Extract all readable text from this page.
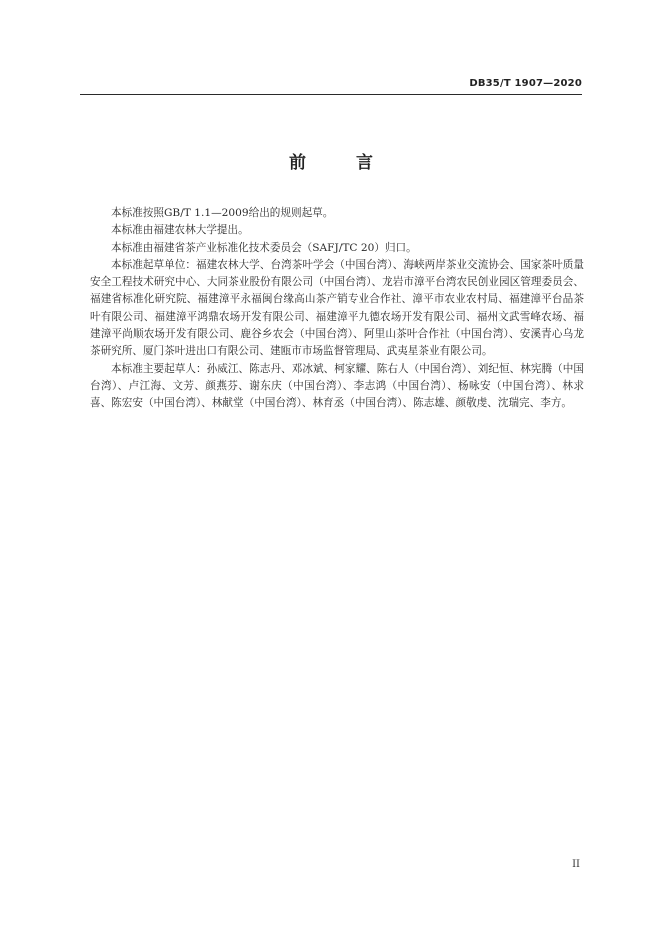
DB35/T 1907—2020
前 言

本标准按照GB/T 1.1—2009给出的规则起草。

本标准由福建农林大学提出。

本标准由福建省茶产业标准化技术委员会（SAFJ/TC 20）归口。

本标准起草单位：福建农林大学、台湾茶叶学会（中国台湾）、海峡两岸茶业交流协会、国家茶叶质量安全工程技术研究中心、大同茶业股份有限公司（中国台湾）、龙岩市漳平台湾农民创业园区管理委员会、福建省标准化研究院、福建漳平永福闽台缘高山茶产销专业合作社、漳平市农业农村局、福建漳平台品茶叶有限公司、福建漳平鸿鼎农场开发有限公司、福建漳平九德农场开发有限公司、福州文武雪峰农场、福建漳平尚顺农场开发有限公司、鹿谷乡农会（中国台湾）、阿里山茶叶合作社（中国台湾）、安溪青心乌龙茶研究所、厦门茶叶进出口有限公司、建瓯市市场监督管理局、武夷星茶业有限公司。

本标准主要起草人：孙威江、陈志丹、邓冰斌、柯家耀、陈右人（中国台湾）、刘纪恒、林宪腾（中国台湾）、卢江海、文芳、颜燕芬、谢东庆（中国台湾）、李志鸿（中国台湾）、杨咏安（中国台湾）、林求喜、陈宏安（中国台湾）、林献堂（中国台湾）、林育丞（中国台湾）、陈志雄、颜敬虔、沈瑞完、李方。

II
